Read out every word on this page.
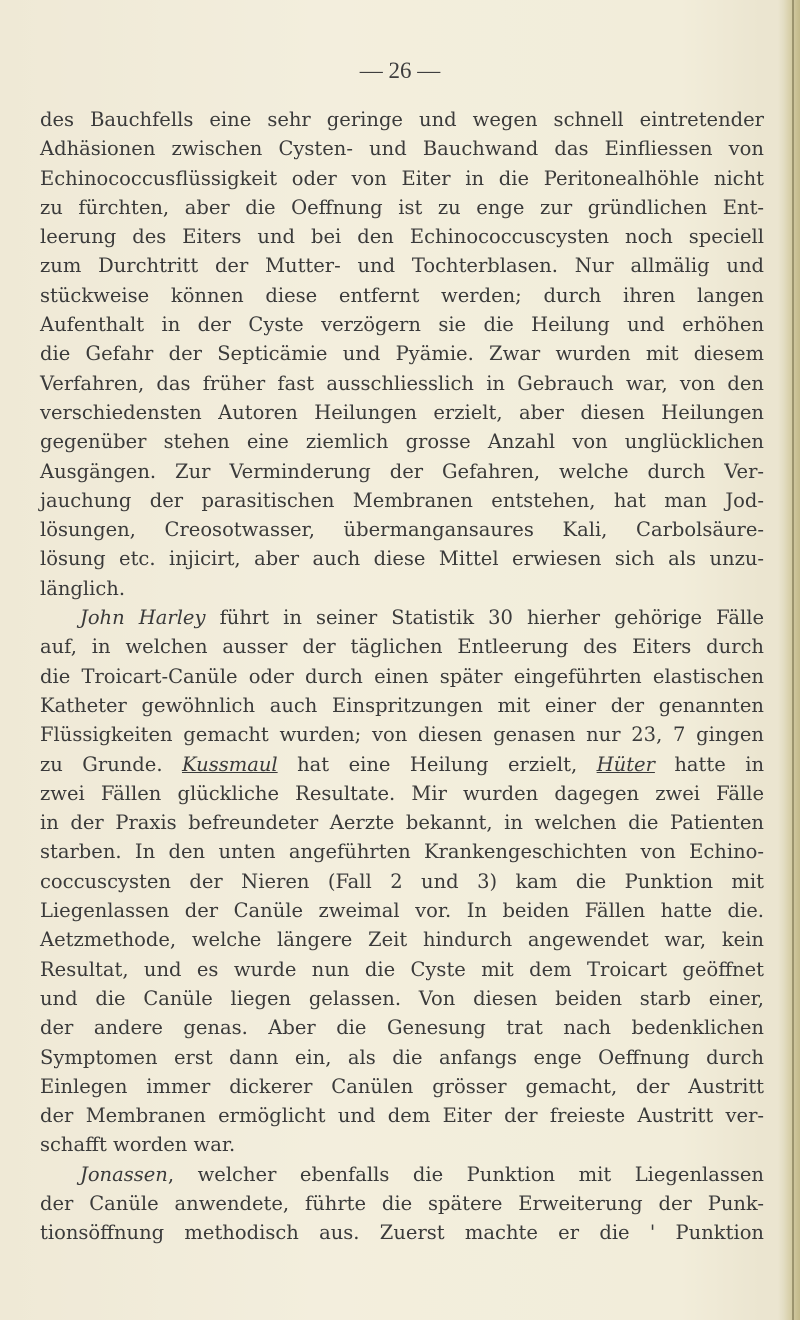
— 26 —
des Bauchfells eine sehr geringe und wegen schnell eintretender
Adhäsionen zwischen Cysten- und Bauchwand das Einfliessen von
Echinococcusflüssigkeit oder von Eiter in die Peritonealhöhle nicht
zu fürchten, aber die Oeffnung ist zu enge zur gründlichen Ent-
leerung des Eiters und bei den Echinococcuscysten noch speciell
zum Durchtritt der Mutter- und Tochterblasen. Nur allmälig und
stückweise können diese entfernt werden; durch ihren langen
Aufenthalt in der Cyste verzögern sie die Heilung und erhöhen
die Gefahr der Septicämie und Pyämie. Zwar wurden mit diesem
Verfahren, das früher fast ausschliesslich in Gebrauch war, von den
verschiedensten Autoren Heilungen erzielt, aber diesen Heilungen
gegenüber stehen eine ziemlich grosse Anzahl von unglücklichen
Ausgängen. Zur Verminderung der Gefahren, welche durch Ver-
jauchung der parasitischen Membranen entstehen, hat man Jod-
lösungen, Creosotwasser, übermangansaures Kali, Carbolsäure-
lösung etc. injicirt, aber auch diese Mittel erwiesen sich als unzu-
länglich.
John Harley führt in seiner Statistik 30 hierher gehörige Fälle
auf, in welchen ausser der täglichen Entleerung des Eiters durch
die Troicart-Canüle oder durch einen später eingeführten elastischen
Katheter gewöhnlich auch Einspritzungen mit einer der genannten
Flüssigkeiten gemacht wurden; von diesen genasen nur 23, 7 gingen
zu Grunde. Kussmaul hat eine Heilung erzielt, Hüter hatte in
zwei Fällen glückliche Resultate. Mir wurden dagegen zwei Fälle
in der Praxis befreundeter Aerzte bekannt, in welchen die Patienten
starben. In den unten angeführten Krankengeschichten von Echino-
coccuscysten der Nieren (Fall 2 und 3) kam die Punktion mit
Liegenlassen der Canüle zweimal vor. In beiden Fällen hatte die.
Aetzmethode, welche längere Zeit hindurch angewendet war, kein
Resultat, und es wurde nun die Cyste mit dem Troicart geöffnet
und die Canüle liegen gelassen. Von diesen beiden starb einer,
der andere genas. Aber die Genesung trat nach bedenklichen
Symptomen erst dann ein, als die anfangs enge Oeffnung durch
Einlegen immer dickerer Canülen grösser gemacht, der Austritt
der Membranen ermöglicht und dem Eiter der freieste Austritt ver-
schafft worden war.
Jonassen, welcher ebenfalls die Punktion mit Liegenlassen
der Canüle anwendete, führte die spätere Erweiterung der Punk-
tionsöffnung methodisch aus. Zuerst machte er die ' Punktion
